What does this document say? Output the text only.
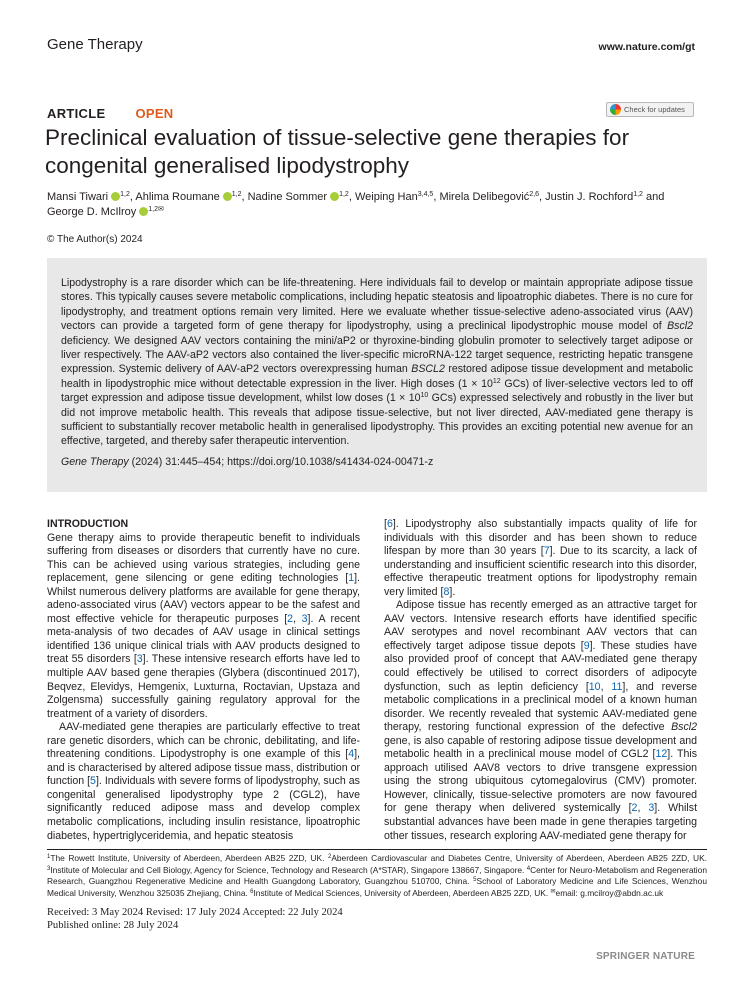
Gene Therapy	www.nature.com/gt
ARTICLE OPEN	Check for updates
Preclinical evaluation of tissue-selective gene therapies for congenital generalised lipodystrophy
Mansi Tiwari $^{1,2}$, Ahlima Roumane $^{1,2}$, Nadine Sommer $^{1,2}$, Weiping Han$^{3,4,5}$, Mirela Delibegović$^{2,6}$, Justin J. Rochford$^{1,2}$ and George D. McIlroy $^{1,2✉}$
© The Author(s) 2024

Lipodystrophy is a rare disorder which can be life-threatening. Here individuals fail to develop or maintain appropriate adipose tissue stores. This typically causes severe metabolic complications, including hepatic steatosis and lipoatrophic diabetes. There is no cure for lipodystrophy, and treatment options remain very limited. Here we evaluate whether tissue-selective adeno-associated virus (AAV) vectors can provide a targeted form of gene therapy for lipodystrophy, using a preclinical lipodystrophic mouse model of Bscl2 deficiency. We designed AAV vectors containing the mini/aP2 or thyroxine-binding globulin promoter to selectively target adipose or liver respectively. The AAV-aP2 vectors also contained the liver-specific microRNA-122 target sequence, restricting hepatic transgene expression. Systemic delivery of AAV-aP2 vectors overexpressing human BSCL2 restored adipose tissue development and metabolic health in lipodystrophic mice without detectable expression in the liver. High doses ($1 \times 10^{12}$ GCs) of liver-selective vectors led to off target expression and adipose tissue development, whilst low doses ($1 \times 10^{10}$ GCs) expressed selectively and robustly in the liver but did not improve metabolic health. This reveals that adipose tissue-selective, but not liver directed, AAV-mediated gene therapy is sufficient to substantially recover metabolic health in generalised lipodystrophy. This provides an exciting potential new avenue for an effective, targeted, and thereby safer therapeutic intervention.

Gene Therapy (2024) 31:445–454; https://doi.org/10.1038/s41434-024-00471-z

INTRODUCTION

Gene therapy aims to provide therapeutic benefit to individuals suffering from diseases or disorders that currently have no cure. This can be achieved using various strategies, including gene replacement, gene silencing or gene editing technologies [1]. Whilst numerous delivery platforms are available for gene therapy, adeno-associated virus (AAV) vectors appear to be the safest and most effective vehicle for therapeutic purposes [2, 3]. A recent meta-analysis of two decades of AAV usage in clinical settings identified 136 unique clinical trials with AAV products designed to treat 55 disorders [3]. These intensive research efforts have led to multiple AAV based gene therapies (Glybera (discontinued 2017), Beqvez, Elevidys, Hemgenix, Luxturna, Roctavian, Upstaza and Zolgensma) successfully gaining regulatory approval for the treatment of a variety of disorders.

AAV-mediated gene therapies are particularly effective to treat rare genetic disorders, which can be chronic, debilitating, and life-threatening conditions. Lipodystrophy is one example of this [4], and is characterised by altered adipose tissue mass, distribution or function [5]. Individuals with severe forms of lipodystrophy, such as congenital generalised lipodystrophy type 2 (CGL2), have significantly reduced adipose mass and develop complex metabolic complications, including insulin resistance, lipoatrophic diabetes, hypertriglyceridemia, and hepatic steatosis

[6]. Lipodystrophy also substantially impacts quality of life for individuals with this disorder and has been shown to reduce lifespan by more than 30 years [7]. Due to its scarcity, a lack of understanding and insufficient scientific research into this disorder, effective therapeutic treatment options for lipodystrophy remain very limited [8].

Adipose tissue has recently emerged as an attractive target for AAV vectors. Intensive research efforts have identified specific AAV serotypes and novel recombinant AAV vectors that can effectively target adipose tissue depots [9]. These studies have also provided proof of concept that AAV-mediated gene therapy could effectively be utilised to correct disorders of adipocyte dysfunction, such as leptin deficiency [10, 11], and reverse metabolic complications in a preclinical model of a known human disorder. We recently revealed that systemic AAV-mediated gene therapy, restoring functional expression of the defective Bscl2 gene, is also capable of restoring adipose tissue development and metabolic health in a preclinical mouse model of CGL2 [12]. This approach utilised AAV8 vectors to drive transgene expression using the strong ubiquitous cytomegalovirus (CMV) promoter. However, clinically, tissue-selective promoters are now favoured for gene therapy when delivered systemically [2, 3]. Whilst substantial advances have been made in gene therapies targeting other tissues, research exploring AAV-mediated gene therapy for

$^1$The Rowett Institute, University of Aberdeen, Aberdeen AB25 2ZD, UK. $^2$Aberdeen Cardiovascular and Diabetes Centre, University of Aberdeen, Aberdeen AB25 2ZD, UK. $^3$Institute of Molecular and Cell Biology, Agency for Science, Technology and Research (A*STAR), Singapore 138667, Singapore. $^4$Center for Neuro-Metabolism and Regeneration Research, Guangzhou Regenerative Medicine and Health Guangdong Laboratory, Guangzhou 510700, China. $^5$School of Laboratory Medicine and Life Sciences, Wenzhou Medical University, Wenzhou 325035 Zhejiang, China. $^6$Institute of Medical Sciences, University of Aberdeen, Aberdeen AB25 2ZD, UK. ✉email: g.mcilroy@abdn.ac.uk
Received: 3 May 2024 Revised: 17 July 2024 Accepted: 22 July 2024
Published online: 28 July 2024
SPRINGER NATURE
